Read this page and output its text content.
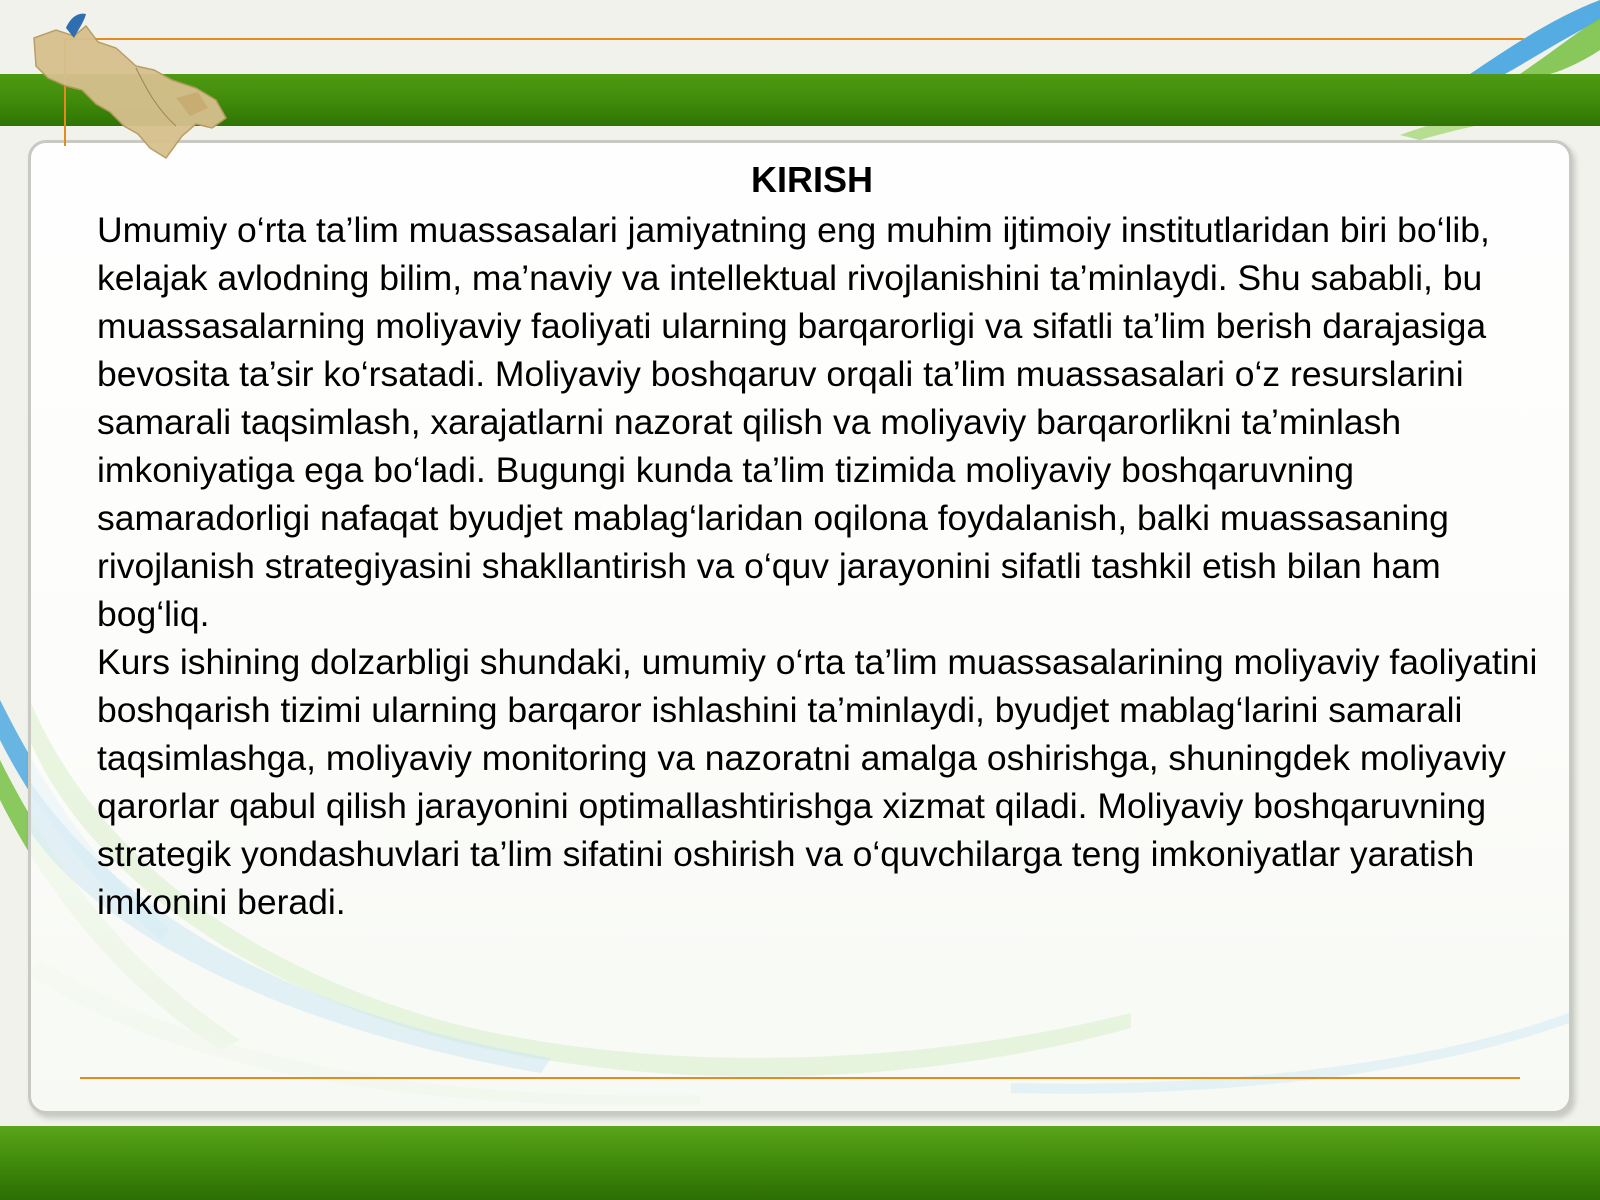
KIRISH

Umumiy o‘rta ta’lim muassasalari jamiyatning eng muhim ijtimoiy institutlaridan biri bo‘lib, kelajak avlodning bilim, ma’naviy va intellektual rivojlanishini ta’minlaydi. Shu sababli, bu muassasalarning moliyaviy faoliyati ularning barqarorligi va sifatli ta’lim berish darajasiga bevosita ta’sir ko‘rsatadi. Moliyaviy boshqaruv orqali ta’lim muassasalari o‘z resurslarini samarali taqsimlash, xarajatlarni nazorat qilish va moliyaviy barqarorlikni ta’minlash imkoniyatiga ega bo‘ladi. Bugungi kunda ta’lim tizimida moliyaviy boshqaruvning samaradorligi nafaqat byudjet mablag‘laridan oqilona foydalanish, balki muassasaning rivojlanish strategiyasini shakllantirish va o‘quv jarayonini sifatli tashkil etish bilan ham bog‘liq.

Kurs ishining dolzarbligi shundaki, umumiy o‘rta ta’lim muassasalarining moliyaviy faoliyatini boshqarish tizimi ularning barqaror ishlashini ta’minlaydi, byudjet mablag‘larini samarali taqsimlashga, moliyaviy monitoring va nazoratni amalga oshirishga, shuningdek moliyaviy qarorlar qabul qilish jarayonini optimallashtirishga xizmat qiladi. Moliyaviy boshqaruvning strategik yondashuvlari ta’lim sifatini oshirish va o‘quvchilarga teng imkoniyatlar yaratish imkonini beradi.
